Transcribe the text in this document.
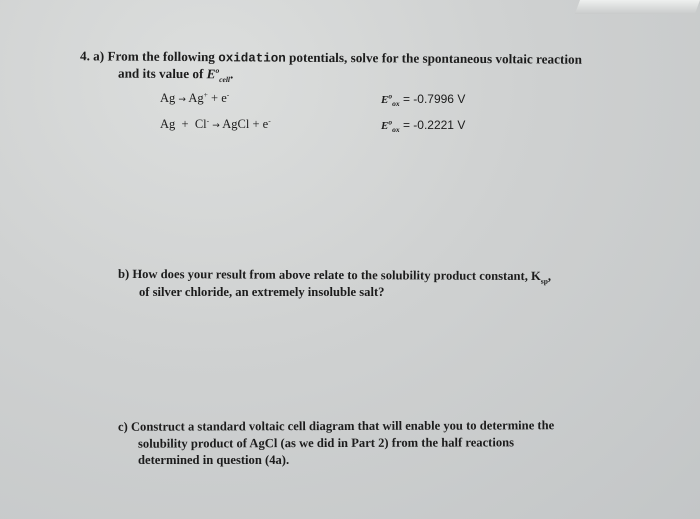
4. a) From the following oxidation potentials, solve for the spontaneous voltaic reaction
and its value of $E^o_{cell}$.
Ag → Ag+ + e-	$E^o_{ox} = -0.7996$ V
Ag  +  Cl- → AgCl + e-	$E^o_{ox} = -0.2221$ V
b) How does your result from above relate to the solubility product constant, $K_{sp}$,
of silver chloride, an extremely insoluble salt?
c) Construct a standard voltaic cell diagram that will enable you to determine the
solubility product of AgCl (as we did in Part 2) from the half reactions
determined in question (4a).
